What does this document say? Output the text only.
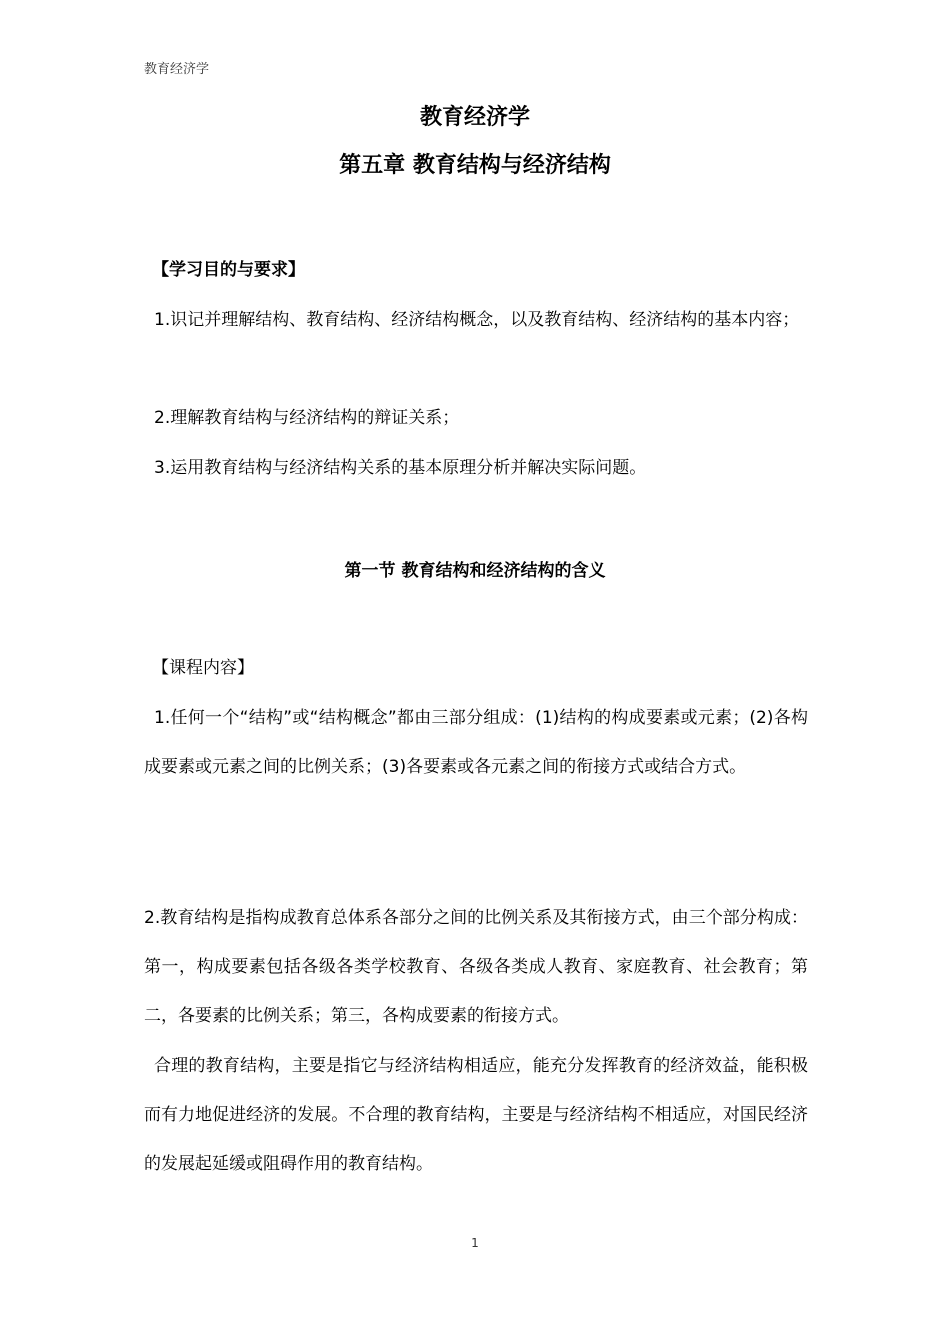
教育经济学
教育经济学
第五章 教育结构与经济结构
【学习目的与要求】
1.识记并理解结构、教育结构、经济结构概念，以及教育结构、经济结构的基本内容；
2.理解教育结构与经济结构的辩证关系；
3.运用教育结构与经济结构关系的基本原理分析并解决实际问题。
第一节 教育结构和经济结构的含义
【课程内容】
1.任何一个“结构”或“结构概念”都由三部分组成：(1)结构的构成要素或元素；(2)各构成要素或元素之间的比例关系；(3)各要素或各元素之间的衔接方式或结合方式。
2.教育结构是指构成教育总体系各部分之间的比例关系及其衔接方式，由三个部分构成：第一，构成要素包括各级各类学校教育、各级各类成人教育、家庭教育、社会教育；第二，各要素的比例关系；第三，各构成要素的衔接方式。
合理的教育结构，主要是指它与经济结构相适应，能充分发挥教育的经济效益，能积极而有力地促进经济的发展。不合理的教育结构，主要是与经济结构不相适应，对国民经济的发展起延缓或阻碍作用的教育结构。
1
